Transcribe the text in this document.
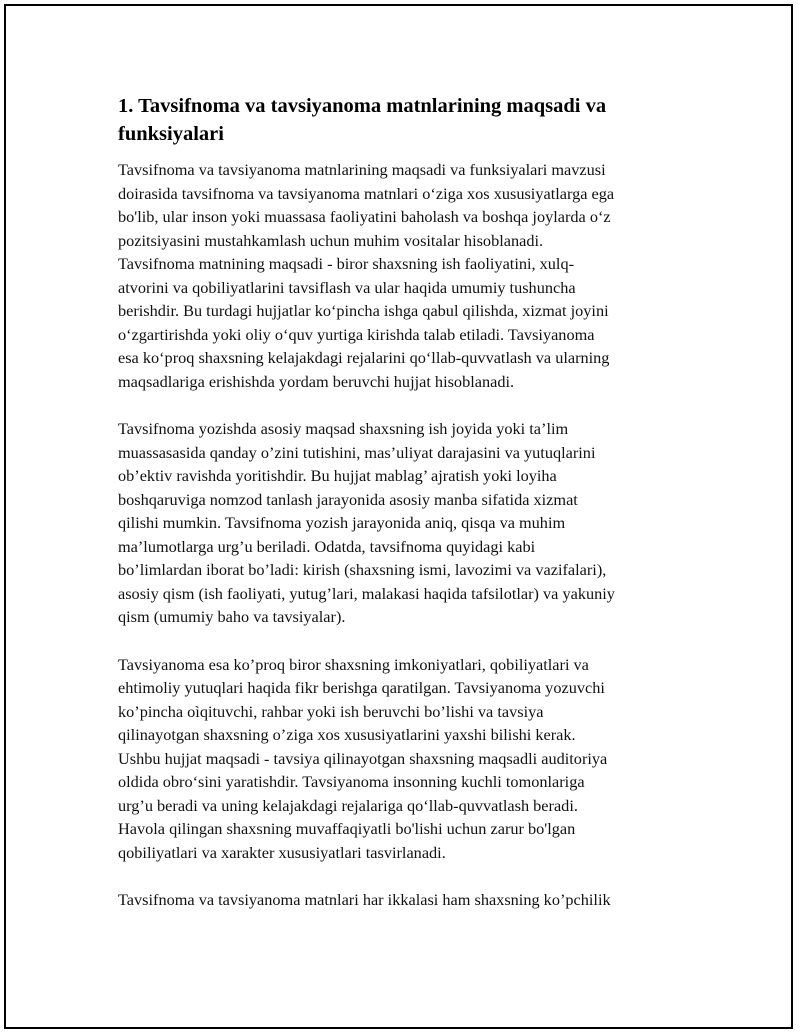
1. Tavsifnoma va tavsiyanoma matnlarining maqsadi va funksiyalari

Tavsifnoma va tavsiyanoma matnlarining maqsadi va funksiyalari mavzusi
doirasida tavsifnoma va tavsiyanoma matnlari o‘ziga xos xususiyatlarga ega
bo'lib, ular inson yoki muassasa faoliyatini baholash va boshqa joylarda o‘z
pozitsiyasini mustahkamlash uchun muhim vositalar hisoblanadi.
Tavsifnoma matnining maqsadi - biror shaxsning ish faoliyatini, xulq-
atvorini va qobiliyatlarini tavsiflash va ular haqida umumiy tushuncha
berishdir. Bu turdagi hujjatlar ko‘pincha ishga qabul qilishda, xizmat joyini
o‘zgartirishda yoki oliy o‘quv yurtiga kirishda talab etiladi. Tavsiyanoma
esa ko‘proq shaxsning kelajakdagi rejalarini qo‘llab-quvvatlash va ularning
maqsadlariga erishishda yordam beruvchi hujjat hisoblanadi.

Tavsifnoma yozishda asosiy maqsad shaxsning ish joyida yoki ta’lim
muassasasida qanday o’zini tutishini, mas’uliyat darajasini va yutuqlarini
ob’ektiv ravishda yoritishdir. Bu hujjat mablag’ ajratish yoki loyiha
boshqaruviga nomzod tanlash jarayonida asosiy manba sifatida xizmat
qilishi mumkin. Tavsifnoma yozish jarayonida aniq, qisqa va muhim
ma’lumotlarga urg’u beriladi. Odatda, tavsifnoma quyidagi kabi
bo’limlardan iborat bo’ladi: kirish (shaxsning ismi, lavozimi va vazifalari),
asosiy qism (ish faoliyati, yutug’lari, malakasi haqida tafsilotlar) va yakuniy
qism (umumiy baho va tavsiyalar).

Tavsiyanoma esa ko’proq biror shaxsning imkoniyatlari, qobiliyatlari va
ehtimoliy yutuqlari haqida fikr berishga qaratilgan. Tavsiyanoma yozuvchi
ko’pincha oìqituvchi, rahbar yoki ish beruvchi bo’lishi va tavsiya
qilinayotgan shaxsning o’ziga xos xususiyatlarini yaxshi bilishi kerak.
Ushbu hujjat maqsadi - tavsiya qilinayotgan shaxsning maqsadli auditoriya
oldida obro‘sini yaratishdir. Tavsiyanoma insonning kuchli tomonlariga
urg’u beradi va uning kelajakdagi rejalariga qo‘llab-quvvatlash beradi.
Havola qilingan shaxsning muvaffaqiyatli bo'lishi uchun zarur bo'lgan
qobiliyatlari va xarakter xususiyatlari tasvirlanadi.

Tavsifnoma va tavsiyanoma matnlari har ikkalasi ham shaxsning ko’pchilik
